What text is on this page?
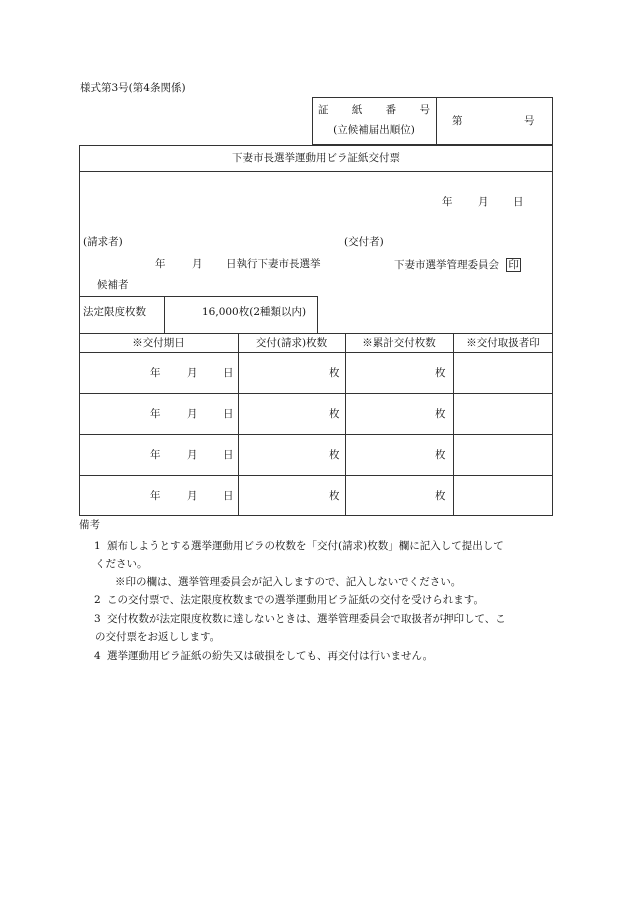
様式第3号(第4条関係)
証 紙 番 号
(立候補届出順位)
第	号
下妻市長選挙運動用ビラ証紙交付票
年 月 日
(請求者)	(交付者)
年	月 日執行下妻市長選挙	下妻市選挙管理委員会 印
候補者
法定限度枚数	16,000枚(2種類以内)
※交付期日	交付(請求)枚数	※累計交付枚数	※交付取扱者印
年	月 日	枚	枚
年	月 日	枚	枚
年	月 日	枚	枚
年	月 日	枚	枚
備考
1 頒布しようとする選挙運動用ビラの枚数を「交付(請求)枚数」欄に記入して提出して
ください。
※印の欄は、選挙管理委員会が記入しますので、記入しないでください。
2 この交付票で、法定限度枚数までの選挙運動用ビラ証紙の交付を受けられます。
3 交付枚数が法定限度枚数に達しないときは、選挙管理委員会で取扱者が押印して、こ
の交付票をお返しします。
4 選挙運動用ビラ証紙の紛失又は破損をしても、再交付は行いません。
